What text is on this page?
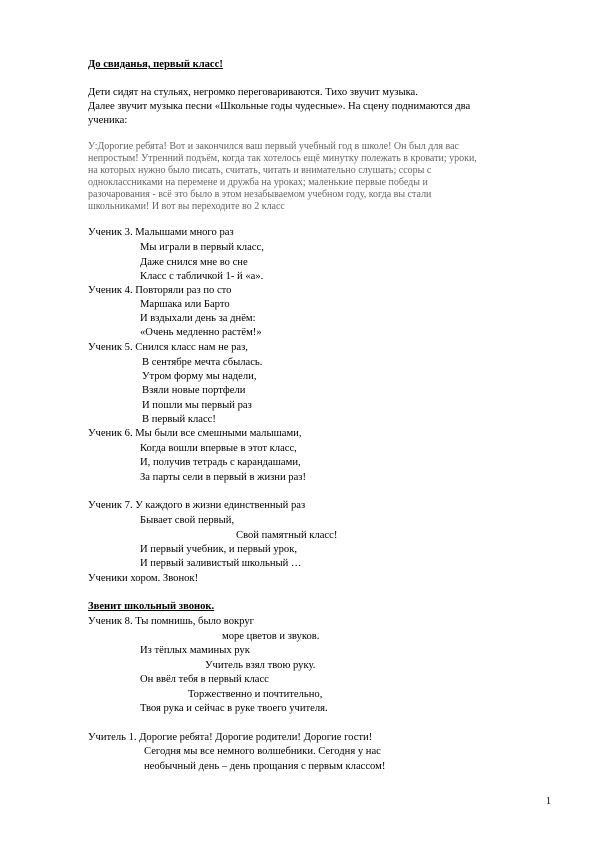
До свиданья, первый класс!
Дети сидят на стульях, негромко переговариваются. Тихо звучит музыка.
Далее звучит музыка песни «Школьные годы чудесные». На сцену поднимаются два
ученика:
У:Дорогие ребята! Вот и закончился ваш первый учебный год в школе! Он был для вас
непростым! Утренний подъём, когда так хотелось ещё минутку полежать в кровати; уроки,
на которых нужно было писать, считать, читать и внимательно слушать; ссоры с
одноклассниками на перемене и дружба на уроках; маленькие первые победы и
разочарования - всё это было в этом незабываемом учебном году, когда вы стали
школьниками! И вот вы переходите во 2 класс
Ученик 3. Малышами много раз
Мы играли в первый класс,
Даже снился мне во сне
Класс с табличкой 1- й «а».
Ученик 4. Повторяли раз по сто
Маршака или Барто
И вздыхали день за днём:
«Очень медленно растём!»
Ученик 5. Снился класс нам не раз,
В сентябре мечта сбылась.
Утром форму мы надели,
Взяли новые портфели
И пошли мы первый раз
В первый класс!
Ученик 6. Мы были все смешными малышами,
Когда вошли впервые в этот класс,
И, получив тетрадь с карандашами,
За парты сели в первый в жизни раз!
Ученик 7. У каждого в жизни единственный раз
Бывает свой первый,
Свой памятный класс!
И первый учебник, и первый урок,
И первый заливистый школьный …
Ученики хором. Звонок!
Звенит школьный звонок.
Ученик 8. Ты помнишь, было вокруг
море цветов и звуков.
Из тёплых маминых рук
Учитель взял твою руку.
Он ввёл тебя в первый класс
Торжественно и почтительно,
Твоя рука и сейчас в руке твоего учителя.
Учитель 1. Дорогие ребята! Дорогие родители! Дорогие гости!
Сегодня мы все немного волшебники. Сегодня у нас
необычный день – день прощания с первым классом!
1
